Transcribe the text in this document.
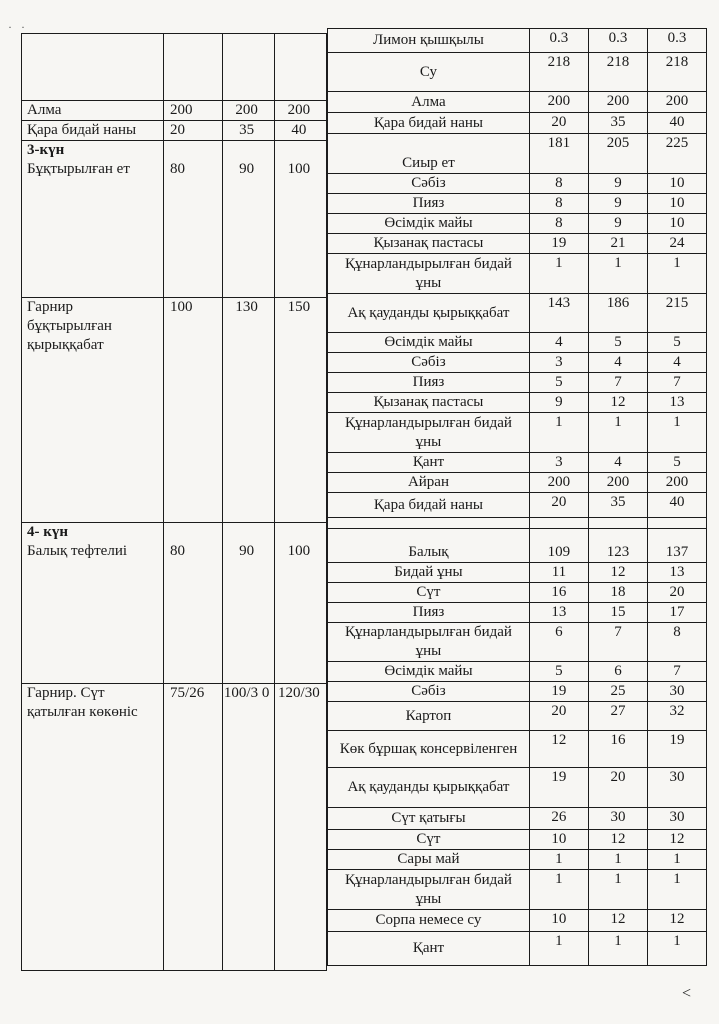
·   ·

Алма	200	200	200
Қара бидай наны	20	35	40

3-күн
Бұқтырылған ет	80	90	100
Гарнир бұқтырылған қырыққабат	100	130	150

4- күн
Балық тефтелиі	80	90	100
Гарнир. Сүт қатылған көкөніс	75/26	100/3 0	120/30
Лимон қышқылы	0.3	0.3	0.3
Су	218	218	218
Алма	200	200	200
Қара бидай наны	20	35	40
Сиыр ет	181	205	225
Сәбіз	8	9	10
Пияз	8	9	10
Өсімдік майы	8	9	10
Қызанақ пастасы	19	21	24
Құнарландырылған бидай ұны	1	1	1
Ақ қауданды қырыққабат	143	186	215
Өсімдік майы	4	5	5
Сәбіз	3	4	4
Пияз	5	7	7
Қызанақ пастасы	9	12	13
Құнарландырылған бидай ұны	1	1	1
Қант	3	4	5
Айран	200	200	200
Қара бидай наны	20	35	40

Балық	109	123	137
Бидай ұны	11	12	13
Сүт	16	18	20
Пияз	13	15	17
Құнарландырылған бидай ұны	6	7	8
Өсімдік майы	5	6	7
Сәбіз	19	25	30
Картоп	20	27	32
Көк бұршақ консервіленген	12	16	19
Ақ қауданды қырыққабат	19	20	30
Сүт қатығы	26	30	30
Сүт	10	12	12
Сары май	1	1	1
Құнарландырылған бидай ұны	1	1	1
Сорпа немесе су	10	12	12
Қант	1	1	1
<
